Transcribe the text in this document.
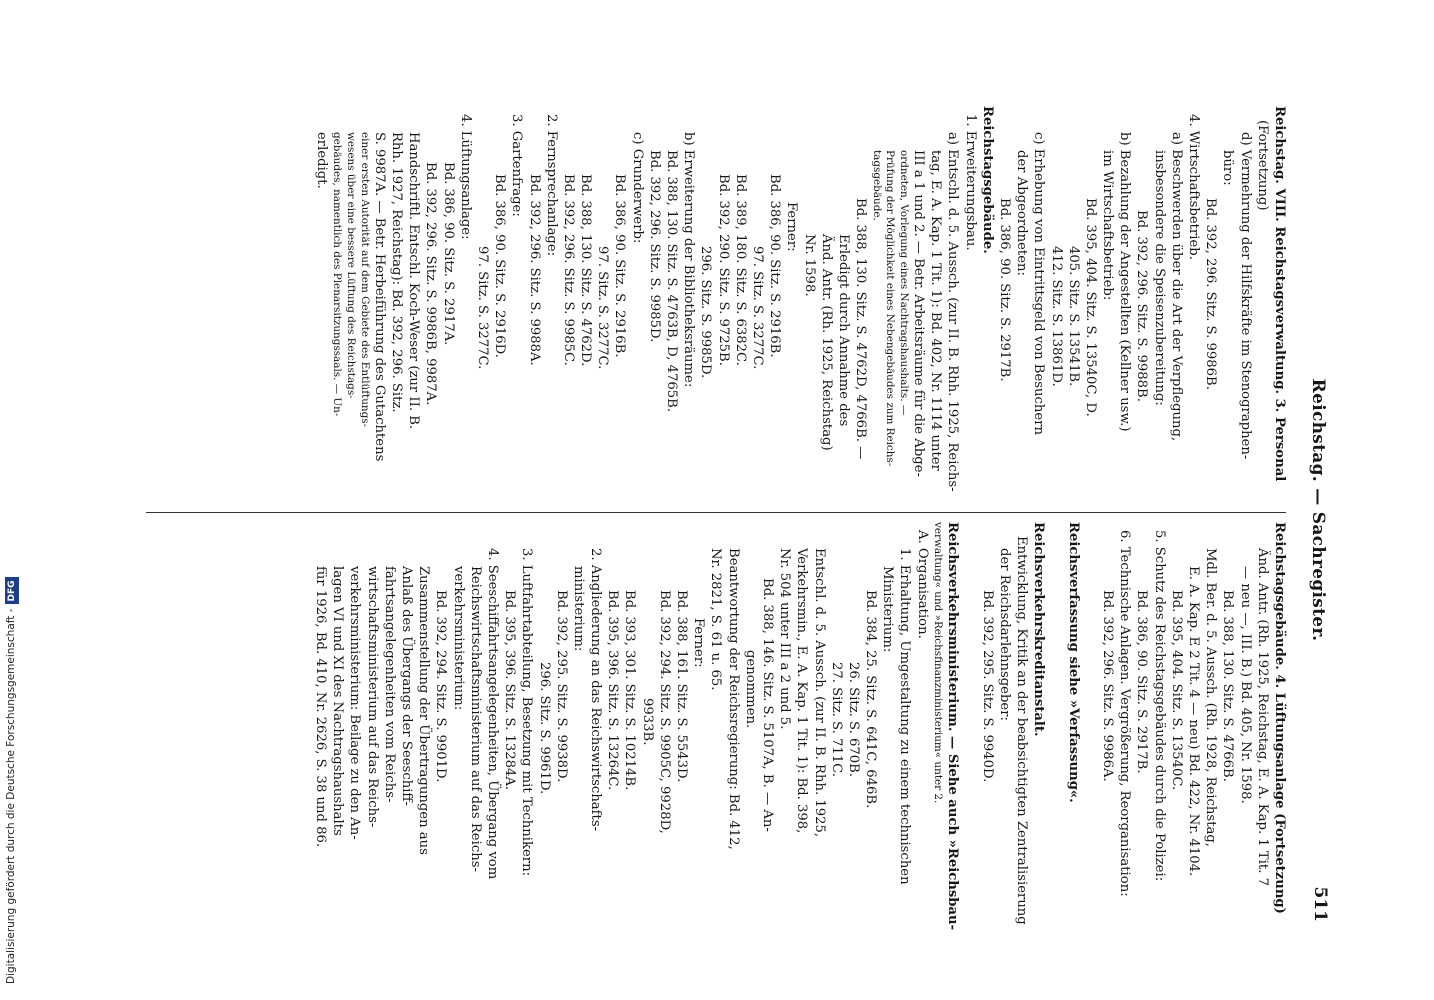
Reichstag. — Sachregister.
511
Reichstag. VIII. Reichstagsverwaltung. 3. Personal
(Fortsetzung)
d) Vermehrung der Hilfskräfte im Stenographen-
büro:
Bd. 392, 296. Sitz. S. 9986B.
4. Wirtschaftsbetrieb.
a) Beschwerden über die Art der Verpflegung,
insbesondere die Speisenzubereitung:
Bd. 392, 296. Sitz. S. 9988B.
b) Bezahlung der Angestellten (Kellner usw.)
im Wirtschaftsbetrieb:
Bd. 395, 404. Sitz. S. 13540C, D.
405. Sitz. S. 13541B.
412. Sitz. S. 13861D.
c) Erhebung von Eintrittsgeld von Besuchern
der Abgeordneten:
Bd. 386, 90. Sitz. S. 2917B.
Reichstagsgebäude.
1. Erweiterungsbau.
a) Entschl. d. 5. Aussch. (zur II. B. Rhh. 1925, Reichs-
tag, E. A. Kap. 1 Tit. 1): Bd. 402, Nr. 1114 unter
III a 1 und 2. — Betr. Arbeitsräume für die Abge-
ordneten, Vorlegung eines Nachtragshaushalts. —
Prüfung der Möglichkeit eines Nebengebäudes zum Reichs-
tagsgebäude.
Bd. 388, 130. Sitz. S. 4762D, 4766B. —
Erledigt durch Annahme des
Änd. Antr. (Rh. 1925, Reichstag)
Nr. 1598.
Ferner:
Bd. 386, 90. Sitz. S. 2916B.
97. Sitz. S. 3277C.
Bd. 389, 180. Sitz. S. 6382C.
Bd. 392, 290. Sitz. S. 9725B.
296. Sitz. S. 9985D.
b) Erweiterung der Bibliotheksräume:
Bd. 388, 130. Sitz. S. 4763B, D, 4765B.
Bd. 392, 296. Sitz. S. 9985D.
c) Grunderwerb:
Bd. 386, 90. Sitz. S. 2916B.
97. Sitz. S. 3277C.
Bd. 388, 130. Sitz. S. 4762D.
Bd. 392, 296. Sitz. S. 9985C.
2. Fernsprechanlage:
Bd. 392, 296. Sitz. S. 9988A.
3. Gartenfrage:
Bd. 386, 90. Sitz. S. 2916D.
97. Sitz. S. 3277C.
4. Lüftungsanlage:
Bd. 386, 90. Sitz. S. 2917A.
Bd. 392, 296. Sitz. S. 9986B, 9987A.
Handschriftl. Entschl. Koch-Weser (zur II. B.
Rhh. 1927, Reichstag): Bd. 392, 296. Sitz.
S. 9987A. — Betr. Herbeiführung des Gutachtens
einer ersten Autorität auf dem Gebiete des Entlüftungs-
wesens über eine bessere Lüftung des Reichstags-
gebäudes, namentlich des Plenarsitzungssaals. — Un-
erledigt.
Reichstagsgebäude. 4. Lüftungsanlage (Fortsetzung)
Änd. Antr. (Rh. 1925, Reichstag, E. A. Kap. 1 Tit. 7
— neu —, III. B.) Bd. 405, Nr. 1598.
Bd. 388, 130. Sitz. S. 4766B.
Mdl. Ber. d. 5. Aussch. (Rh. 1928, Reichstag,
E. A. Kap. E 2 Tit. 4 — neu) Bd. 422, Nr. 4104.
Bd. 395, 404. Sitz. S. 13540C.
5. Schutz des Reichstagsgebäudes durch die Polizei:
Bd. 386, 90. Sitz. S. 2917B.
6. Technische Anlagen. Vergrößerung, Reorganisation:
Bd. 392, 296. Sitz. S. 9986A.
Reichsverfassung siehe »Verfassung«.
Reichsverkehrskreditanstalt.
Entwicklung, Kritik an der beabsichtigten Zentralisierung
der Reichsdarlehnsgeber:
Bd. 392, 295. Sitz. S. 9940D.
Reichsverkehrsministerium. — Siehe auch »Reichsbau-
verwaltung« und »Reichsfinanzministerium« unter 2.
A. Organisation.
1. Erhaltung, Umgestaltung zu einem technischen
Ministerium:
Bd. 384, 25. Sitz. S. 641C, 646B.
26. Sitz. S. 670B.
27. Sitz. S. 711C.
Entschl. d. 5. Aussch. (zur II. B. Rhh. 1925,
Verkehrsmin., E. A. Kap. 1 Tit. 1): Bd. 398,
Nr. 504 unter III a 2 und 5.
Bd. 388, 146. Sitz. S. 5107A, B. — An-
genommen.
Beantwortung der Reichsregierung: Bd. 412,
Nr. 2821, S. 61 u. 65.
Ferner:
Bd. 388, 161. Sitz. S. 5543D.
Bd. 392, 294. Sitz. S. 9905C, 9928D,
9933B.
Bd. 393, 301. Sitz. S. 10214B.
Bd. 395, 396. Sitz. S. 13264C.
2. Angliederung an das Reichswirtschafts-
ministerium:
Bd. 392, 295. Sitz. S. 9938D.
296. Sitz. S. 9961D.
3. Luftfahrtabteilung, Besetzung mit Technikern:
Bd. 395, 396. Sitz. S. 13284A.
4. Seeschiffahrtsangelegenheiten, Übergang vom
Reichswirtschaftsministerium auf das Reichs-
verkehrsministerium:
Bd. 392, 294. Sitz. S. 9901D.
Zusammenstellung der Übertragungen aus
Anlaß des Übergangs der Seeschiff-
fahrtsangelegenheiten vom Reichs-
wirtschaftsministerium auf das Reichs-
verkehrsministerium: Beilage zu den An-
lagen VI und XI des Nachtragshaushalts
für 1926, Bd. 410, Nr. 2626, S. 38 und 86.
Digitalisierung gefördert durch die Deutsche Forschungsgemeinschaft -DFG
